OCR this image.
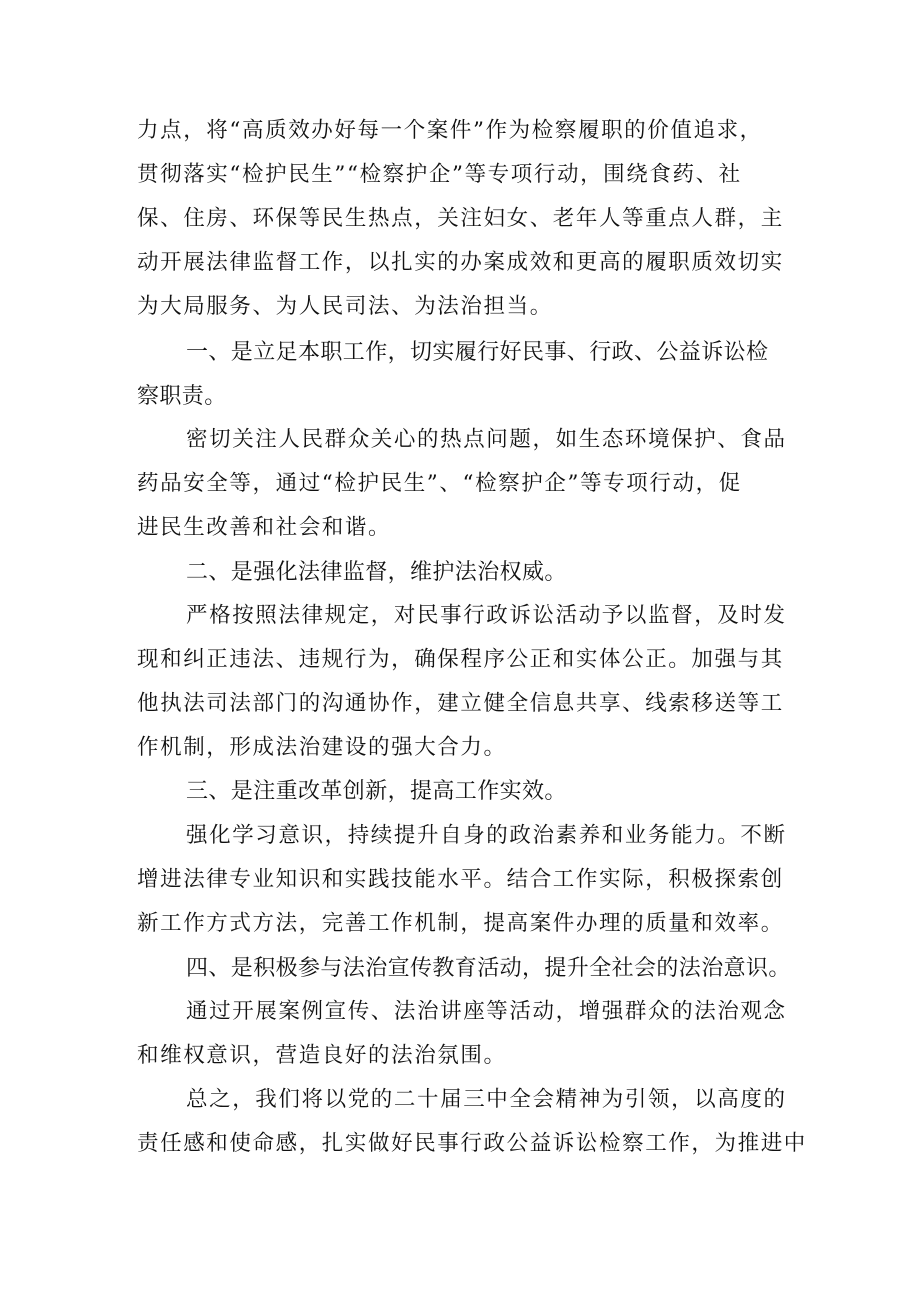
力点，将“高质效办好每一个案件”作为检察履职的价值追求，
贯彻落实“检护民生”“检察护企”等专项行动，围绕食药、社
保、住房、环保等民生热点，关注妇女、老年人等重点人群，主
动开展法律监督工作，以扎实的办案成效和更高的履职质效切实
为大局服务、为人民司法、为法治担当。
一、是立足本职工作，切实履行好民事、行政、公益诉讼检
察职责。
密切关注人民群众关心的热点问题，如生态环境保护、食品
药品安全等，通过“检护民生”、“检察护企”等专项行动，促
进民生改善和社会和谐。
二、是强化法律监督，维护法治权威。
严格按照法律规定，对民事行政诉讼活动予以监督，及时发
现和纠正违法、违规行为，确保程序公正和实体公正。加强与其
他执法司法部门的沟通协作，建立健全信息共享、线索移送等工
作机制，形成法治建设的强大合力。
三、是注重改革创新，提高工作实效。
强化学习意识，持续提升自身的政治素养和业务能力。不断
增进法律专业知识和实践技能水平。结合工作实际，积极探索创
新工作方式方法，完善工作机制，提高案件办理的质量和效率。
四、是积极参与法治宣传教育活动，提升全社会的法治意识。
通过开展案例宣传、法治讲座等活动，增强群众的法治观念
和维权意识，营造良好的法治氛围。
总之，我们将以党的二十届三中全会精神为引领，以高度的
责任感和使命感，扎实做好民事行政公益诉讼检察工作，为推进中
